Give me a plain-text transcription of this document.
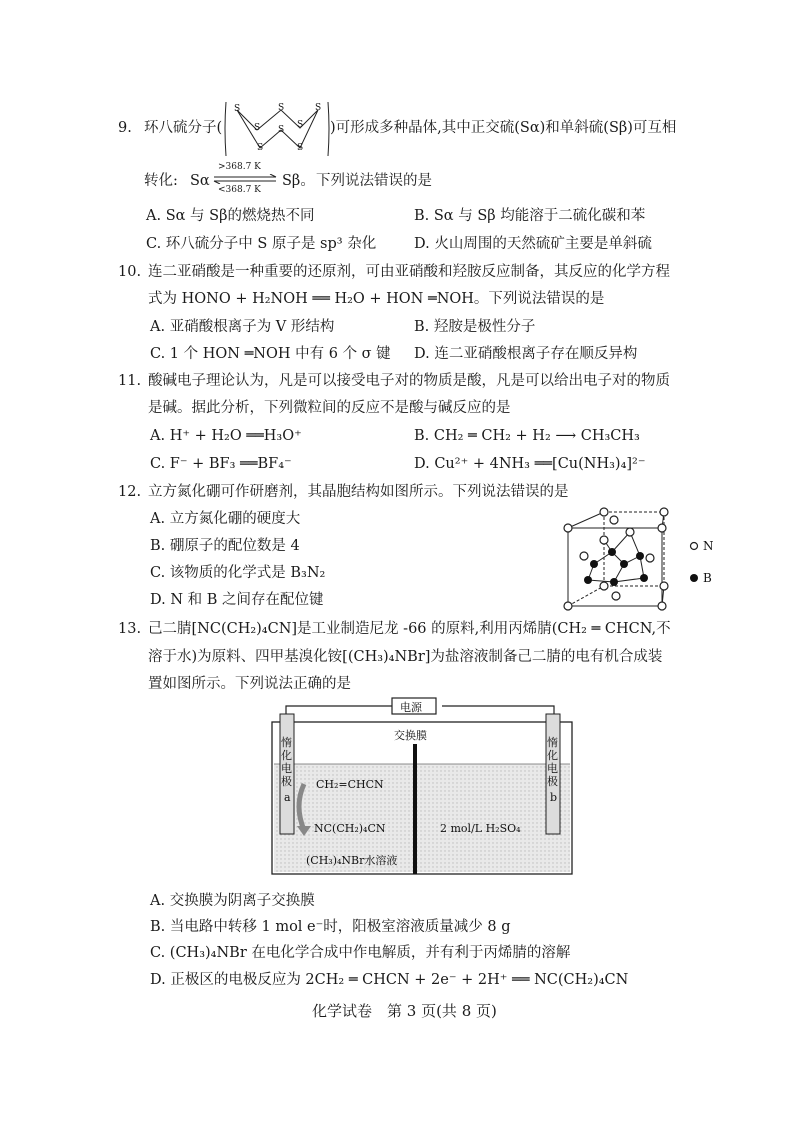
9. 环八硫分子(
S
S
S
S
S
S
S
S
)可形成多种晶体,其中正交硫(Sα)和单斜硫(Sβ)可互相
转化: Sα
>368.7 K
<368.7 K
Sβ。 下列说法错误的是
A. Sα 与 Sβ的燃烧热不同	B. Sα 与 Sβ 均能溶于二硫化碳和苯
C. 环八硫分子中 S 原子是 sp³ 杂化	D. 火山周围的天然硫矿主要是单斜硫
10. 连二亚硝酸是一种重要的还原剂，可由亚硝酸和羟胺反应制备，其反应的化学方程
式为 HONO + H₂NOH ══ H₂O + HON ═NOH。下列说法错误的是
A. 亚硝酸根离子为 V 形结构	B. 羟胺是极性分子
C. 1 个 HON ═NOH 中有 6 个 σ 键 D. 连二亚硝酸根离子存在顺反异构
11. 酸碱电子理论认为，凡是可以接受电子对的物质是酸，凡是可以给出电子对的物质
是碱。据此分析，下列微粒间的反应不是酸与碱反应的是
A. H⁺ + H₂O ══H₃O⁺	B. CH₂ ═ CH₂ + H₂ ⟶ CH₃CH₃
C. F⁻ + BF₃ ══BF₄⁻	D. Cu²⁺ + 4NH₃ ══[Cu(NH₃)₄]²⁻
12. 立方氮化硼可作研磨剂，其晶胞结构如图所示。下列说法错误的是
A. 立方氮化硼的硬度大
B. 硼原子的配位数是 4
C. 该物质的化学式是 B₃N₂
D. N 和 B 之间存在配位键
N
B
13. 己二腈[NC(CH₂)₄CN]是工业制造尼龙 -66 的原料,利用丙烯腈(CH₂ ═ CHCN,不
溶于水)为原料、四甲基溴化铵[(CH₃)₄NBr]为盐溶液制备己二腈的电有机合成装
置如图所示。下列说法正确的是
电源
交换膜
惰
化
电
极
a
惰
化
电
极
b
CH₂=CHCN
NC(CH₂)₄CN
(CH₃)₄NBr水溶液
2 mol/L H₂SO₄
A. 交换膜为阴离子交换膜
B. 当电路中转移 1 mol e⁻时，阳极室溶液质量减少 8 g
C. (CH₃)₄NBr 在电化学合成中作电解质，并有利于丙烯腈的溶解
D. 正极区的电极反应为 2CH₂ ═ CHCN + 2e⁻ + 2H⁺ ══ NC(CH₂)₄CN
化学试卷　第 3 页(共 8 页)
